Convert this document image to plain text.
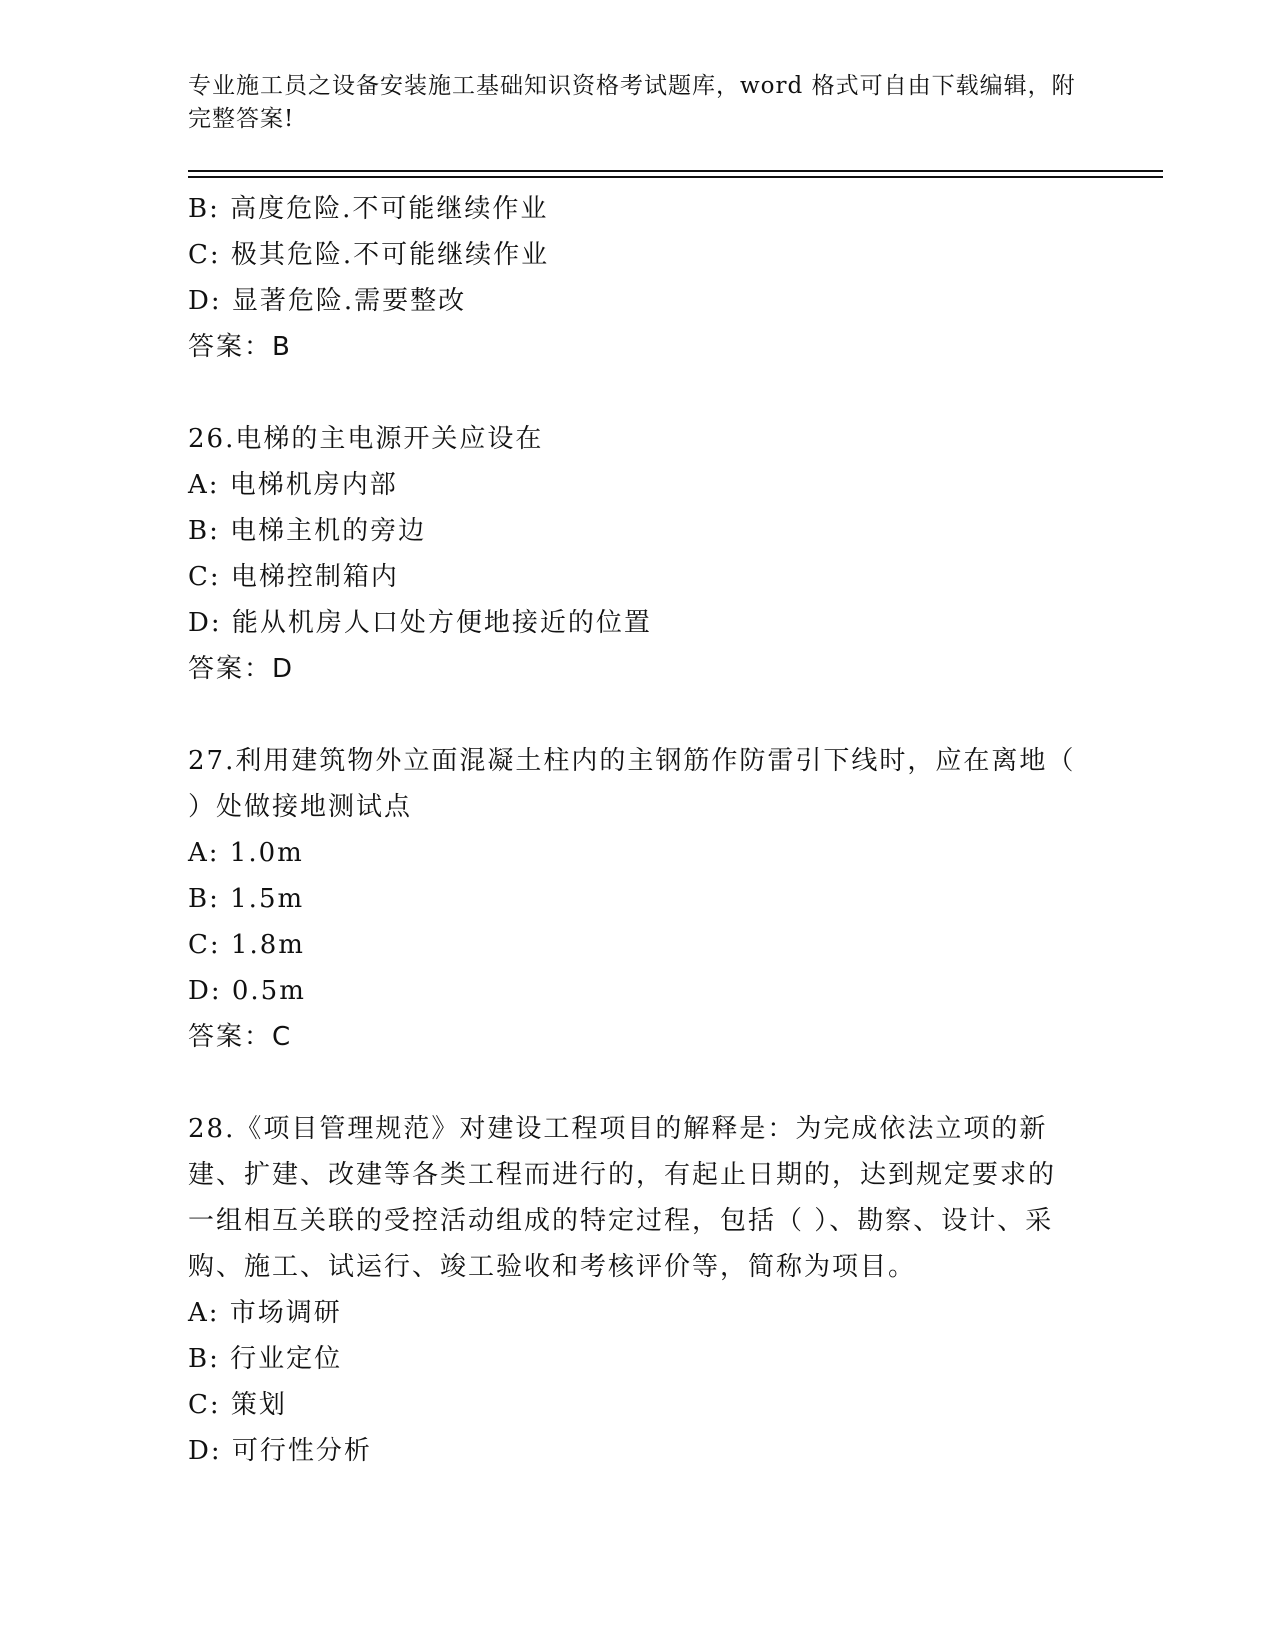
专业施工员之设备安装施工基础知识资格考试题库，word 格式可自由下载编辑，附完整答案!
B: 高度危险.不可能继续作业
C: 极其危险.不可能继续作业
D: 显著危险.需要整改
答案：B
26.电梯的主电源开关应设在
A: 电梯机房内部
B: 电梯主机的旁边
C: 电梯控制箱内
D: 能从机房人口处方便地接近的位置
答案：D
27.利用建筑物外立面混凝土柱内的主钢筋作防雷引下线时，应在离地（ ）处做接地测试点
A: 1.0m
B: 1.5m
C: 1.8m
D: 0.5m
答案：C
28.《项目管理规范》对建设工程项目的解释是：为完成依法立项的新建、扩建、改建等各类工程而进行的，有起止日期的，达到规定要求的一组相互关联的受控活动组成的特定过程，包括（ ）、勘察、设计、采购、施工、试运行、竣工验收和考核评价等，简称为项目。
A: 市场调研
B: 行业定位
C: 策划
D: 可行性分析
